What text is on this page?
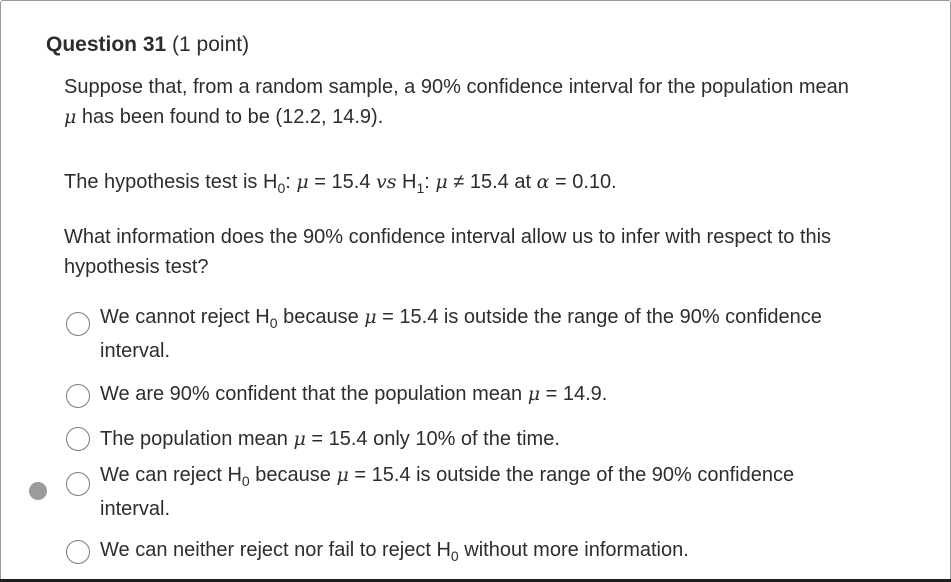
Question 31 (1 point)
Suppose that, from a random sample, a 90% confidence interval for the population mean μ has been found to be (12.2, 14.9).
The hypothesis test is $H_0$: μ = 15.4 vs $H_1$: μ ≠ 15.4 at α = 0.10.
What information does the 90% confidence interval allow us to infer with respect to this hypothesis test?
We cannot reject $H_0$ because μ = 15.4 is outside the range of the 90% confidence interval.
We are 90% confident that the population mean μ = 14.9.
The population mean μ = 15.4 only 10% of the time.
We can reject $H_0$ because μ = 15.4 is outside the range of the 90% confidence interval.
We can neither reject nor fail to reject $H_0$ without more information.
